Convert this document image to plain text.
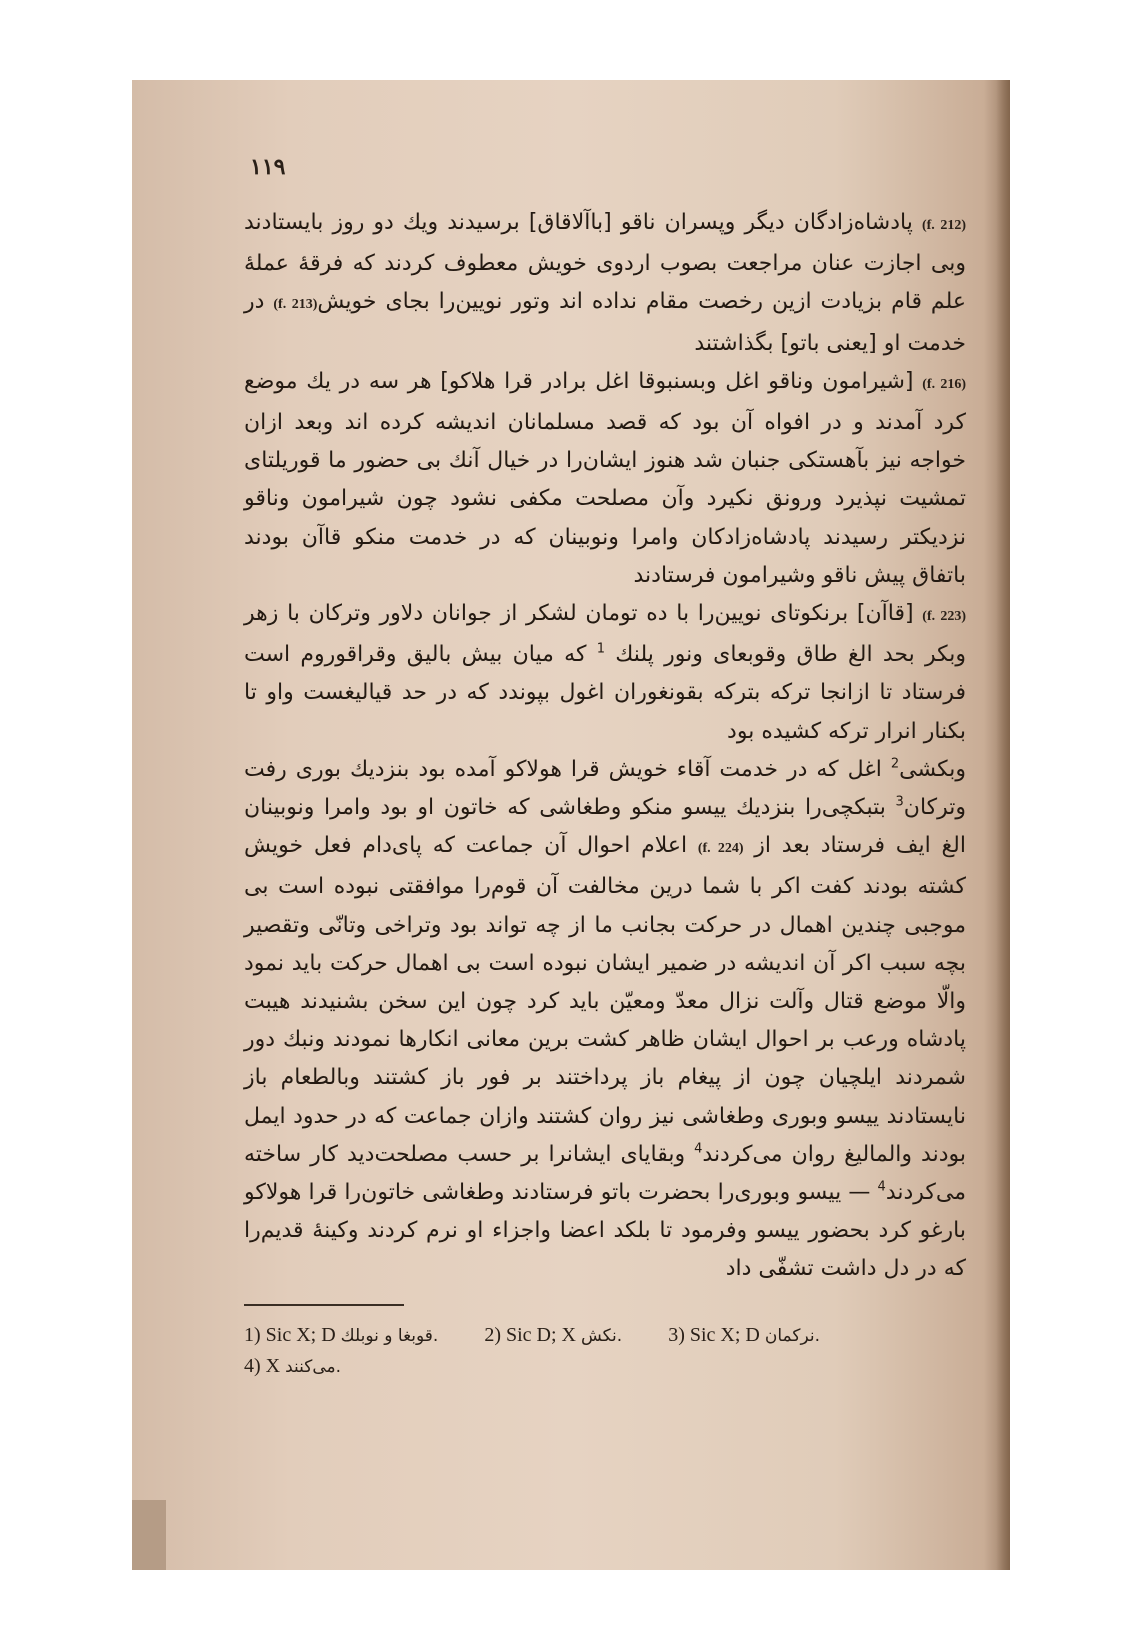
۱۱۹

(f. 212) پادشاه‌زادگان دیگر وپسران ناقو [باآلاقاق] برسیدند ویك دو روز بایستادند وبی اجازت عنان مراجعت بصوب اردوی خویش معطوف کردند که فرقهٔ عملهٔ علم قام بزیادت ازین رخصت مقام نداده اند وتور نویین‌را بجای خویش(f. 213) در خدمت او [یعنی باتو] بگذاشتند

(f. 216) [شیرامون وناقو اغل وبسنبوقا اغل برادر قرا هلاکو] هر سه در یك موضع کرد آمدند و در افواه آن بود که قصد مسلمانان اندیشه کرده اند وبعد ازان خواجه نیز بآهستکی جنبان شد هنوز ایشان‌را در خیال آنك بی حضور ما قوریلتای تمشیت نپذیرد ورونق نکیرد وآن مصلحت مکفی نشود چون شیرامون وناقو نزدیکتر رسیدند پادشاه‌زادکان وامرا ونوبینان که در خدمت منکو قاآن بودند باتفاق پیش ناقو وشیرامون فرستادند

(f. 223) [قاآن] برنکوتای نویین‌را با ده تومان لشکر از جوانان دلاور وترکان با زهر وبکر بحد الغ طاق وقوبعای ونور پلنك $^1$ که میان بیش بالیق وقراقوروم است فرستاد تا ازانجا ترکه بترکه بقونغوران اغول بپوندد که در حد قیالیغست واو تا بکنار انرار ترکه کشیده بود

وبکشی$^2$ اغل که در خدمت آقاء خویش قرا هولاکو آمده بود بنزدیك بوری رفت وترکان$^3$ بتبکچی‌را بنزدیك ییسو منکو وطغاشی که خاتون او بود وامرا ونوبینان الغ ایف فرستاد بعد از (f. 224) اعلام احوال آن جماعت که پای‌دام فعل خویش کشته بودند کفت اکر با شما درین مخالفت آن قوم‌را موافقتی نبوده است بی موجبی چندین اهمال در حرکت بجانب ما از چه تواند بود وتراخی وتانّی وتقصیر بچه سبب اکر آن اندیشه در ضمیر ایشان نبوده است بی اهمال حرکت باید نمود والّا موضع قتال وآلت نزال معدّ ومعیّن باید کرد چون این سخن بشنیدند هیبت پادشاه ورعب بر احوال ایشان ظاهر کشت برین معانی انکارها نمودند ونبك دور شمردند ایلچیان چون از پیغام باز پرداختند بر فور باز کشتند وبالطعام باز نایستادند ییسو وبوری وطغاشی نیز روان کشتند وازان جماعت که در حدود ایمل بودند والمالیغ روان می‌کردند$^4$ وبقایای ایشانرا بر حسب مصلحت‌دید کار ساخته می‌کردند$^4$ — ییسو وبوری‌را بحضرت باتو فرستادند وطغاشی خاتون‌را قرا هولاکو بارغو کرد بحضور ییسو وفرمود تا بلکد اعضا واجزاء او نرم کردند وکینهٔ قدیم‌را که در دل داشت تشفّی داد

1) Sic X; D قوبغا و نوبلك. 2) Sic D; X نکش. 3) Sic X; D نرکمان.
4) X می‌کنند.
